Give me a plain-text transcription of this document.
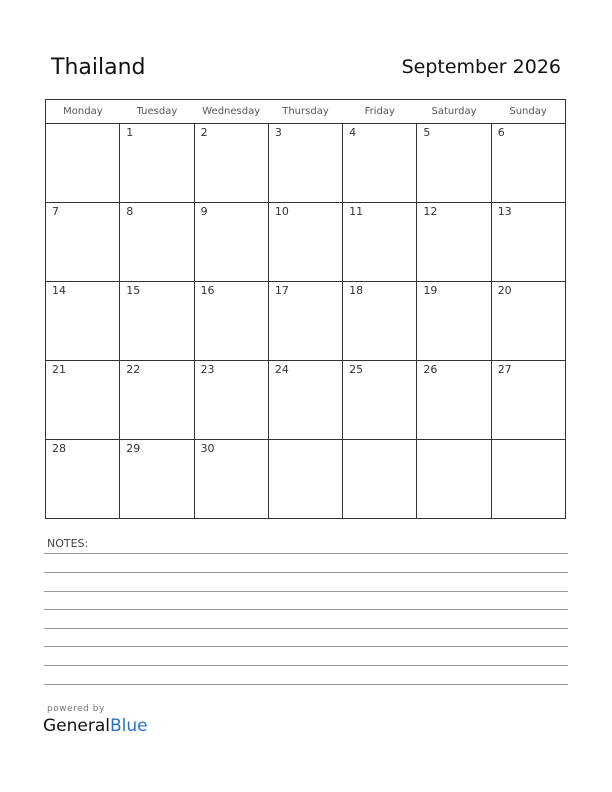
Thailand	September 2026
Monday	Tuesday	Wednesday	Thursday	Friday	Saturday	Sunday
	1	2	3	4	5	6
7	8	9	10	11	12	13
14	15	16	17	18	19	20
21	22	23	24	25	26	27
28	29	30				
NOTES:
powered by
GeneralBlue
